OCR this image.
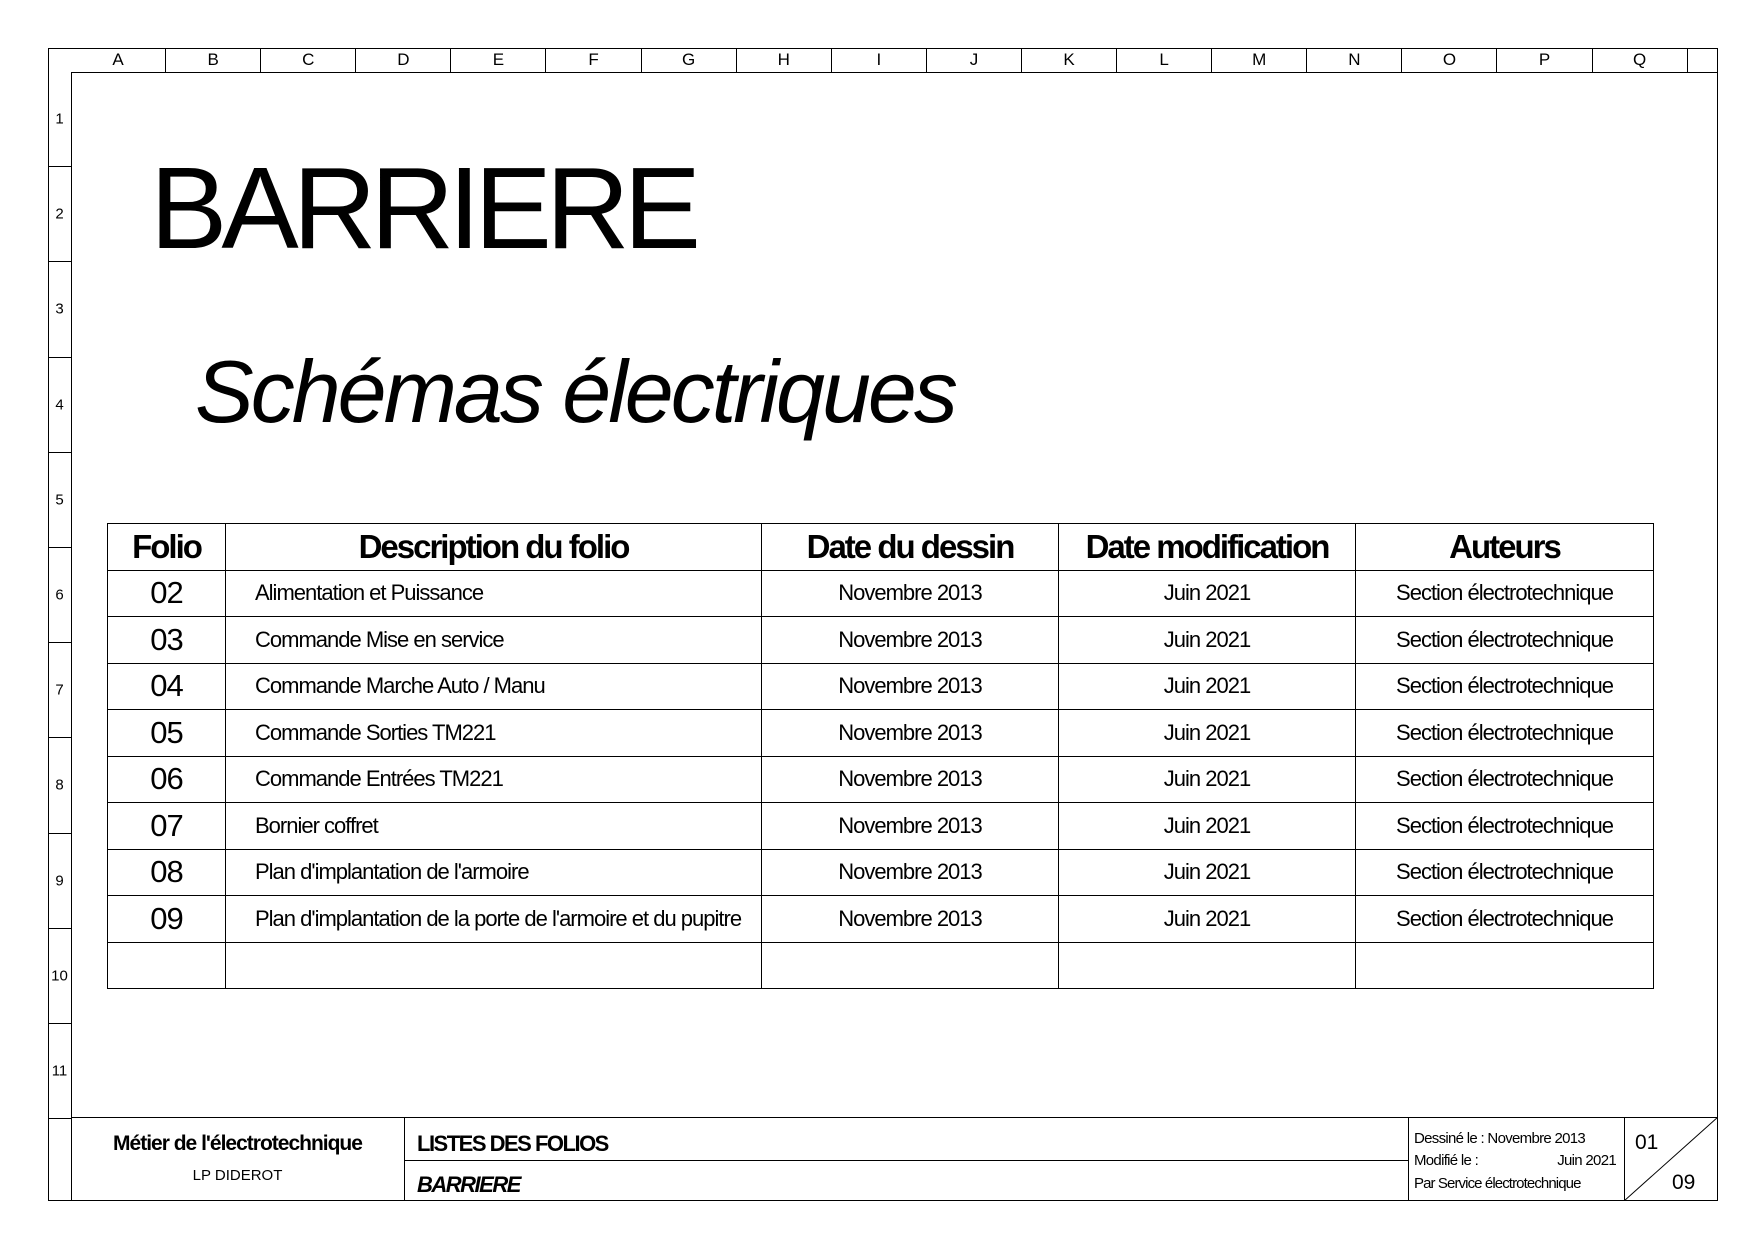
A	B	C	D	E	F	G	H	I	J	K	L	M	N	O	P	Q
1
2
3
4
5
6
7
8
9
10
11
BARRIERE
Schémas électriques
Folio	Description du folio	Date du dessin	Date modification	Auteurs
02	Alimentation et Puissance	Novembre 2013	Juin 2021	Section électrotechnique
03	Commande Mise en service	Novembre 2013	Juin 2021	Section électrotechnique
04	Commande Marche Auto / Manu	Novembre 2013	Juin 2021	Section électrotechnique
05	Commande Sorties TM221	Novembre 2013	Juin 2021	Section électrotechnique
06	Commande Entrées TM221	Novembre 2013	Juin 2021	Section électrotechnique
07	Bornier coffret	Novembre 2013	Juin 2021	Section électrotechnique
08	Plan d'implantation de l'armoire	Novembre 2013	Juin 2021	Section électrotechnique
09	Plan d'implantation de la porte de l'armoire et du pupitre	Novembre 2013	Juin 2021	Section électrotechnique

Métier de l'électrotechnique
LP DIDEROT
LISTES DES FOLIOS
BARRIERE
Dessiné le : Novembre 2013
Modifié le :	Juin 2021
Par Service électrotechnique
01
09
